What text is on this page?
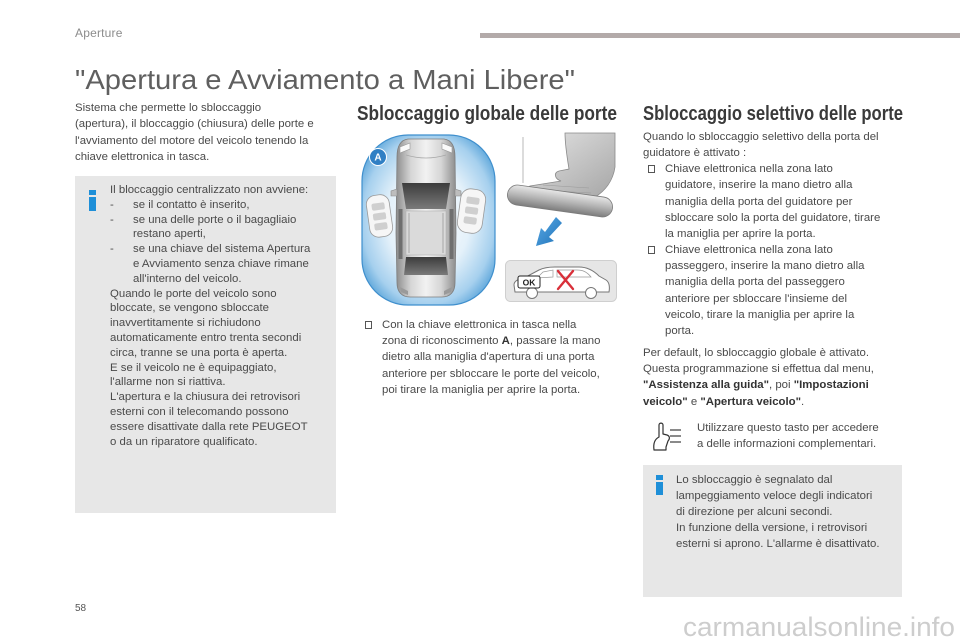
Aperture
"Apertura e Avviamento a Mani Libere"
Sistema che permette lo sbloccaggio
(apertura), il bloccaggio (chiusura) delle porte e
l'avviamento del motore del veicolo tenendo la
chiave elettronica in tasca.
Il bloccaggio centralizzato non avviene:
- se il contatto è inserito,
- se una delle porte o il bagagliaio
restano aperti,
- se una chiave del sistema Apertura
e Avviamento senza chiave rimane
all'interno del veicolo.
Quando le porte del veicolo sono
bloccate, se vengono sbloccate
inavvertitamente si richiudono
automaticamente entro trenta secondi
circa, tranne se una porta è aperta.
E se il veicolo ne è equipaggiato,
l'allarme non si riattiva.
L'apertura e la chiusura dei retrovisori
esterni con il telecomando possono
essere disattivate dalla rete PEUGEOT
o da un riparatore qualificato.
Sbloccaggio globale delle porte
A
OK
Con la chiave elettronica in tasca nella
zona di riconoscimento A, passare la mano
dietro alla maniglia d'apertura di una porta
anteriore per sbloccare le porte del veicolo,
poi tirare la maniglia per aprire la porta.
Sbloccaggio selettivo delle porte
Quando lo sbloccaggio selettivo della porta del
guidatore è attivato :
Chiave elettronica nella zona lato
guidatore, inserire la mano dietro alla
maniglia della porta del guidatore per
sbloccare solo la porta del guidatore, tirare
la maniglia per aprire la porta.
Chiave elettronica nella zona lato
passeggero, inserire la mano dietro alla
maniglia della porta del passeggero
anteriore per sbloccare l'insieme del
veicolo, tirare la maniglia per aprire la
porta.
Per default, lo sbloccaggio globale è attivato.
Questa programmazione si effettua dal menu,
"Assistenza alla guida", poi "Impostazioni
veicolo" e "Apertura veicolo".
Utilizzare questo tasto per accedere
a delle informazioni complementari.
Lo sbloccaggio è segnalato dal
lampeggiamento veloce degli indicatori
di direzione per alcuni secondi.
In funzione della versione, i retrovisori
esterni si aprono. L'allarme è disattivato.
58
carmanualsonline.info
